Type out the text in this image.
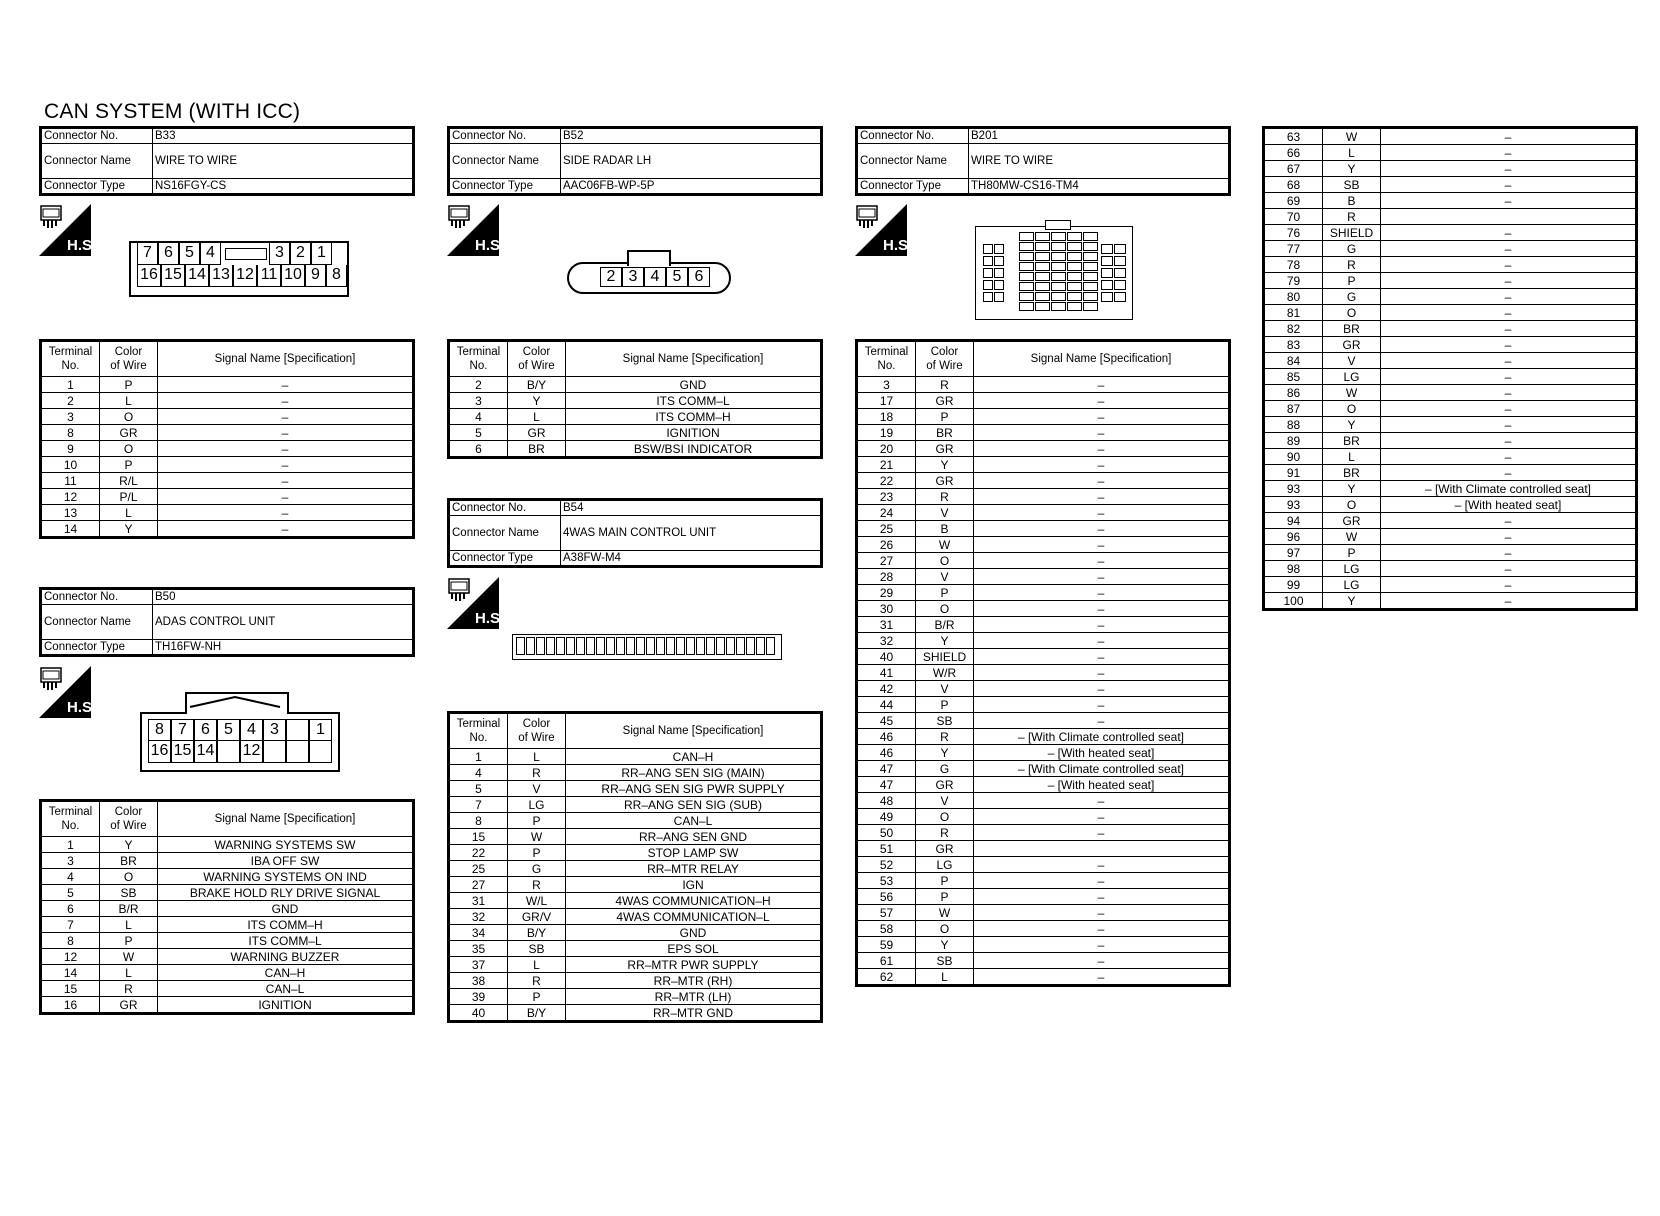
CAN SYSTEM (WITH ICC)
Connector No.	B33
Connector Name	WIRE TO WIRE
Connector Type	NS16FGY-CS
H.S.	7 6 5 4	3 2 1
16 15 14 13 12 11 10 9 8
Terminal
No.	Color
of Wire	Signal Name [Specification]
1	P	–
2	L	–
3	O	–
8	GR	–
9	O	–
10	P	–
11	R/L	–
12	P/L	–
13	L	–
14	Y	–
Connector No.	B50
Connector Name	ADAS CONTROL UNIT
Connector Type	TH16FW-NH
H.S.
8 7 6 5 4 3	1
16 15 14 12
Terminal
No.	Color
of Wire	Signal Name [Specification]
1	Y	WARNING SYSTEMS SW
3	BR	IBA OFF SW
4	O	WARNING SYSTEMS ON IND
5	SB	BRAKE HOLD RLY DRIVE SIGNAL
6	B/R	GND
7	L	ITS COMM–H
8	P	ITS COMM–L
12	W	WARNING BUZZER
14	L	CAN–H
15	R	CAN–L
16	GR	IGNITION
Connector No.	B52
Connector Name	SIDE RADAR LH
Connector Type	AAC06FB-WP-5P
H.S.
2 3 4 5 6
Terminal
No.	Color
of Wire	Signal Name [Specification]
2	B/Y	GND
3	Y	ITS COMM–L
4	L	ITS COMM–H
5	GR	IGNITION
6	BR	BSW/BSI INDICATOR
Connector No.	B54
Connector Name	4WAS MAIN CONTROL UNIT
Connector Type	A38FW-M4
H.S.
Terminal
No.	Color
of Wire	Signal Name [Specification]
1	L	CAN–H
4	R	RR–ANG SEN SIG (MAIN)
5	V	RR–ANG SEN SIG PWR SUPPLY
7	LG	RR–ANG SEN SIG (SUB)
8	P	CAN–L
15	W	RR–ANG SEN GND
22	P	STOP LAMP SW
25	G	RR–MTR RELAY
27	R	IGN
31	W/L	4WAS COMMUNICATION–H
32	GR/V	4WAS COMMUNICATION–L
34	B/Y	GND
35	SB	EPS SOL
37	L	RR–MTR PWR SUPPLY
38	R	RR–MTR (RH)
39	P	RR–MTR (LH)
40	B/Y	RR–MTR GND
Connector No.	B201
Connector Name	WIRE TO WIRE
Connector Type	TH80MW-CS16-TM4
H.S.
Terminal
No.	Color
of Wire	Signal Name [Specification]
3	R	–
17	GR	–
18	P	–
19	BR	–
20	GR	–
21	Y	–
22	GR	–
23	R	–
24	V	–
25	B	–
26	W	–
27	O	–
28	V	–
29	P	–
30	O	–
31	B/R	–
32	Y	–
40	SHIELD	–
41	W/R	–
42	V	–
44	P	–
45	SB	–
46	R	– [With Climate controlled seat]
46	Y	– [With heated seat]
47	G	– [With Climate controlled seat]
47	GR	– [With heated seat]
48	V	–
49	O	–
50	R	–
51	GR	
52	LG	–
53	P	–
56	P	–
57	W	–
58	O	–
59	Y	–
61	SB	–
62	L	–
63	W	–
66	L	–
67	Y	–
68	SB	–
69	B	–
70	R	
76	SHIELD	–
77	G	–
78	R	–
79	P	–
80	G	–
81	O	–
82	BR	–
83	GR	–
84	V	–
85	LG	–
86	W	–
87	O	–
88	Y	–
89	BR	–
90	L	–
91	BR	–
93	Y	– [With Climate controlled seat]
93	O	– [With heated seat]
94	GR	–
96	W	–
97	P	–
98	LG	–
99	LG	–
100	Y	–
